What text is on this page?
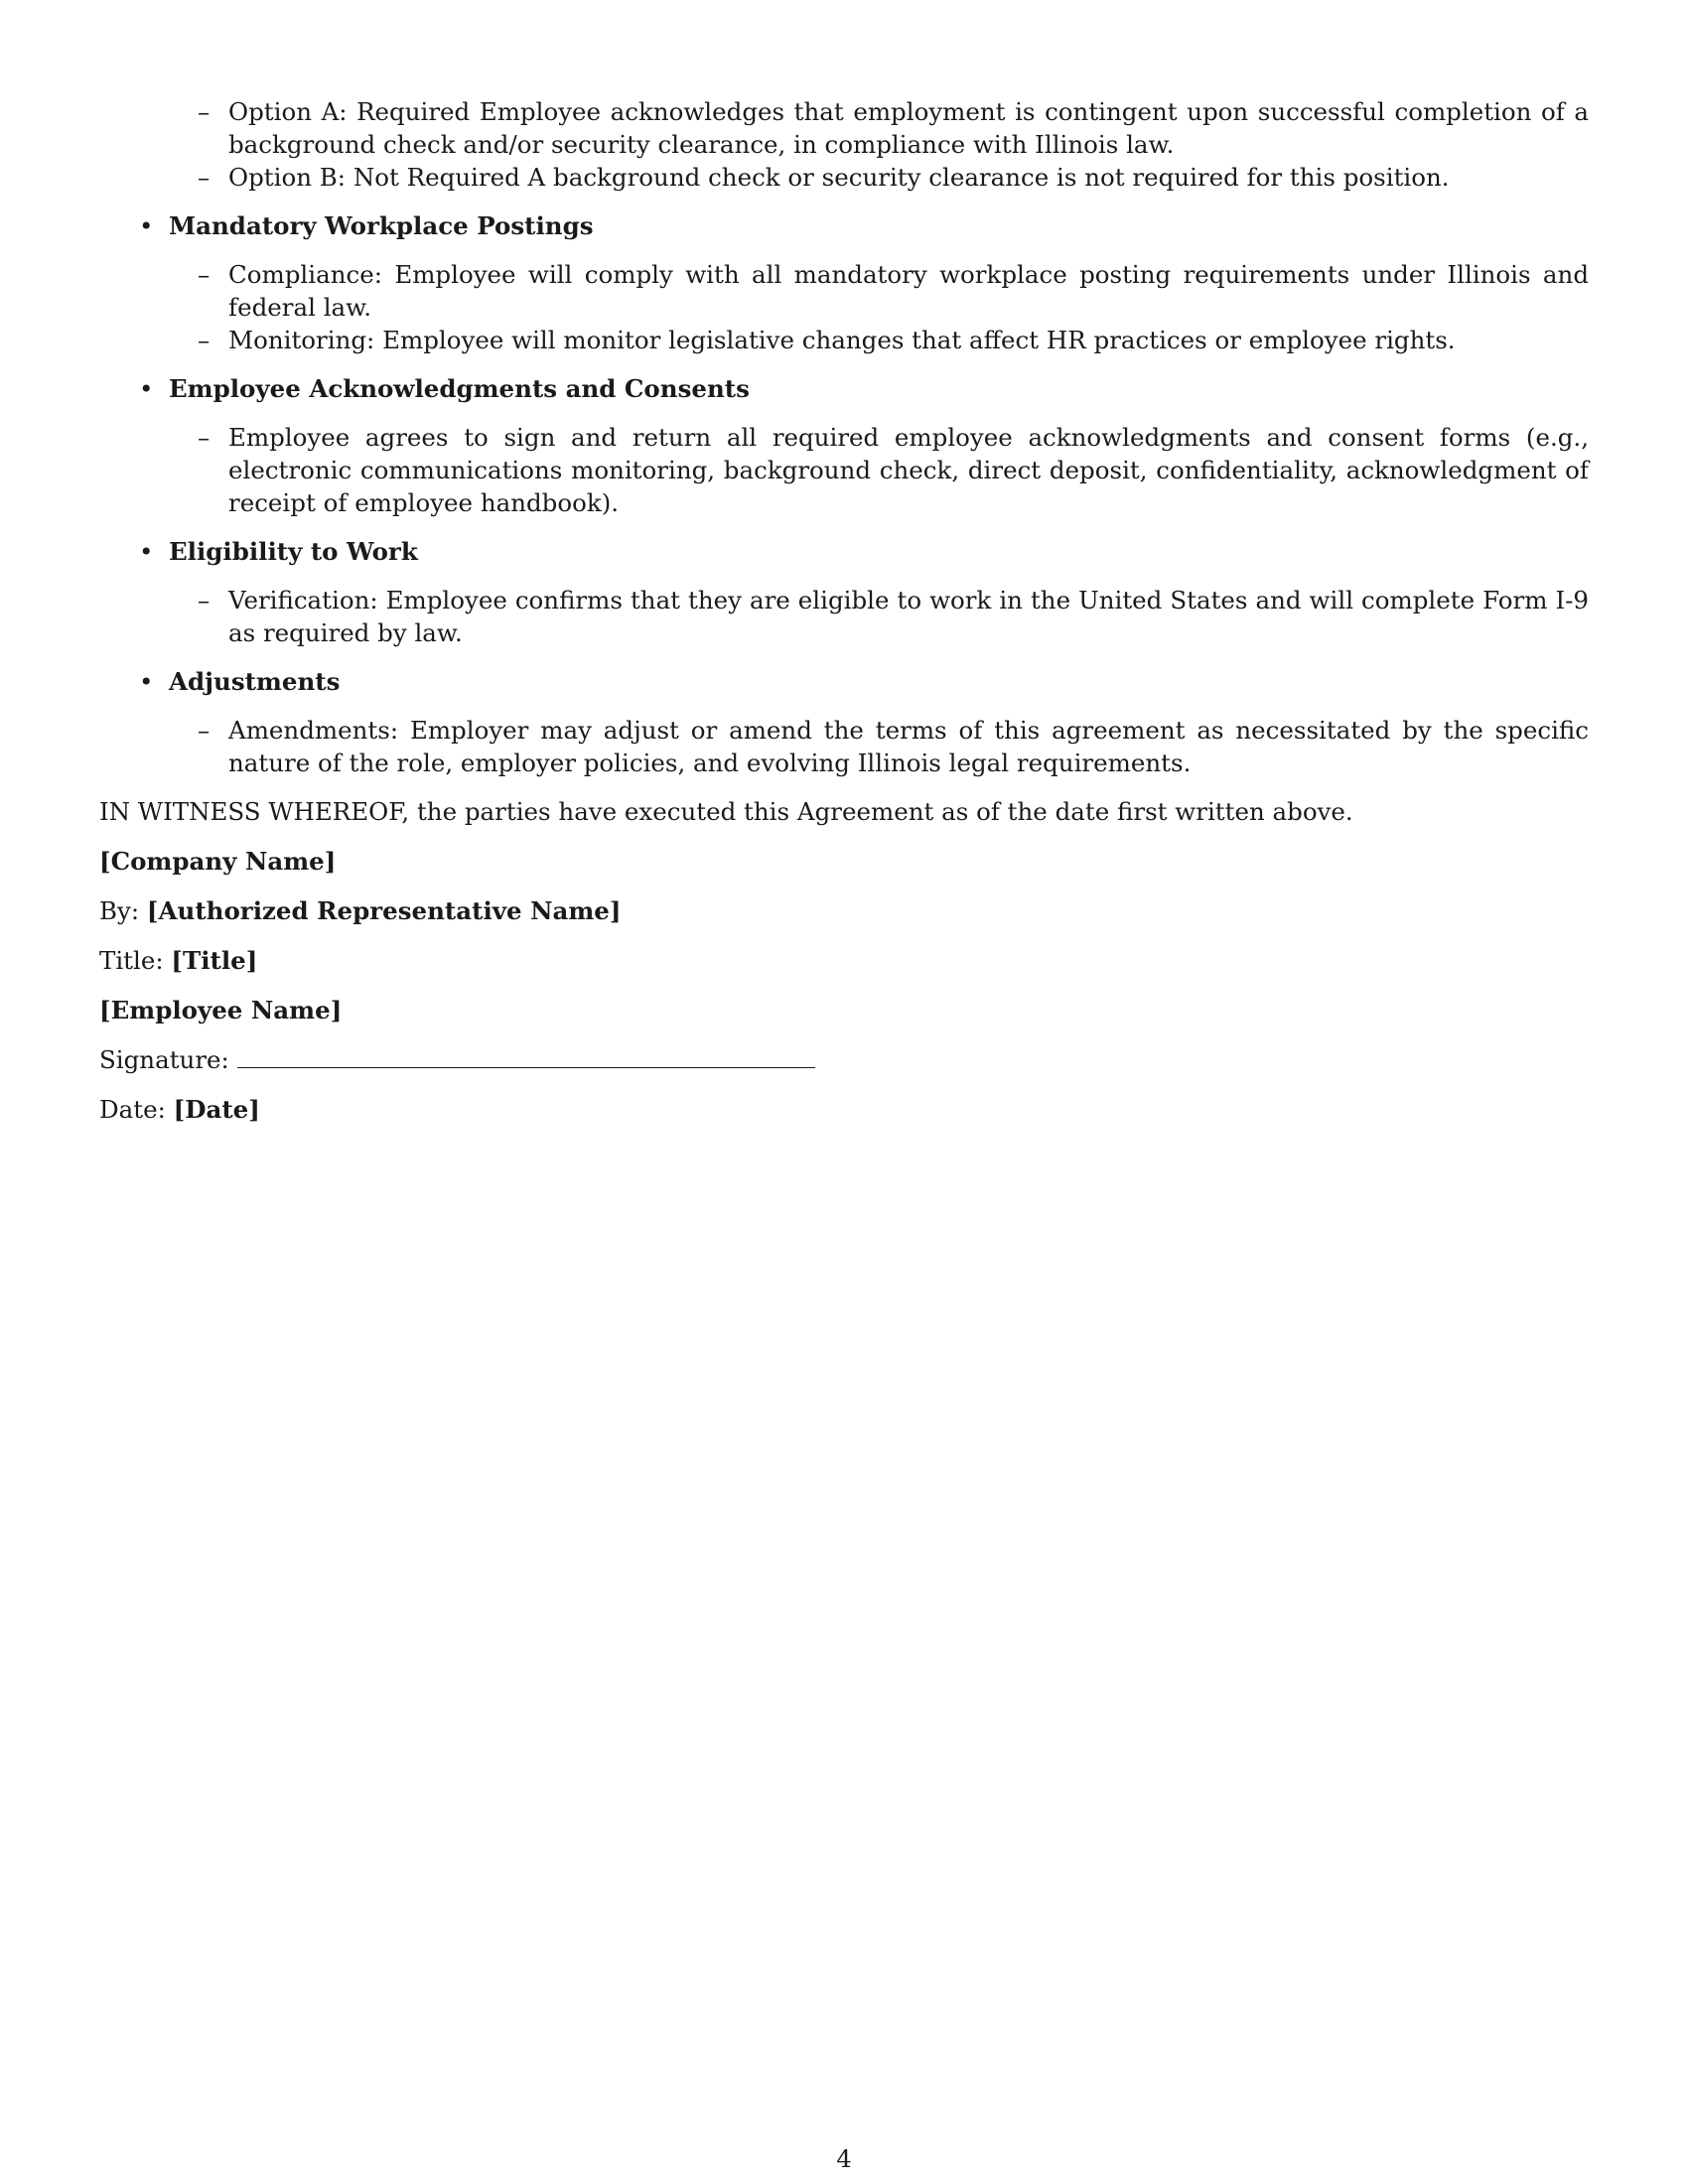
– Option A: Required Employee acknowledges that employment is contingent upon successful completion of a background check and/or security clearance, in compliance with Illinois law.
– Option B: Not Required A background check or security clearance is not required for this position.
• Mandatory Workplace Postings
– Compliance: Employee will comply with all mandatory workplace posting requirements under Illinois and federal law.
– Monitoring: Employee will monitor legislative changes that affect HR practices or employee rights.
• Employee Acknowledgments and Consents
– Employee agrees to sign and return all required employee acknowledgments and consent forms (e.g., electronic communications monitoring, background check, direct deposit, confidentiality, acknowledgment of receipt of employee handbook).
• Eligibility to Work
– Verification: Employee confirms that they are eligible to work in the United States and will complete Form I-9 as required by law.
• Adjustments
– Amendments: Employer may adjust or amend the terms of this agreement as necessitated by the specific nature of the role, employer policies, and evolving Illinois legal requirements.

IN WITNESS WHEREOF, the parties have executed this Agreement as of the date first written above.

[Company Name]

By: [Authorized Representative Name]

Title: [Title]

[Employee Name]

Signature:

Date: [Date]

4
